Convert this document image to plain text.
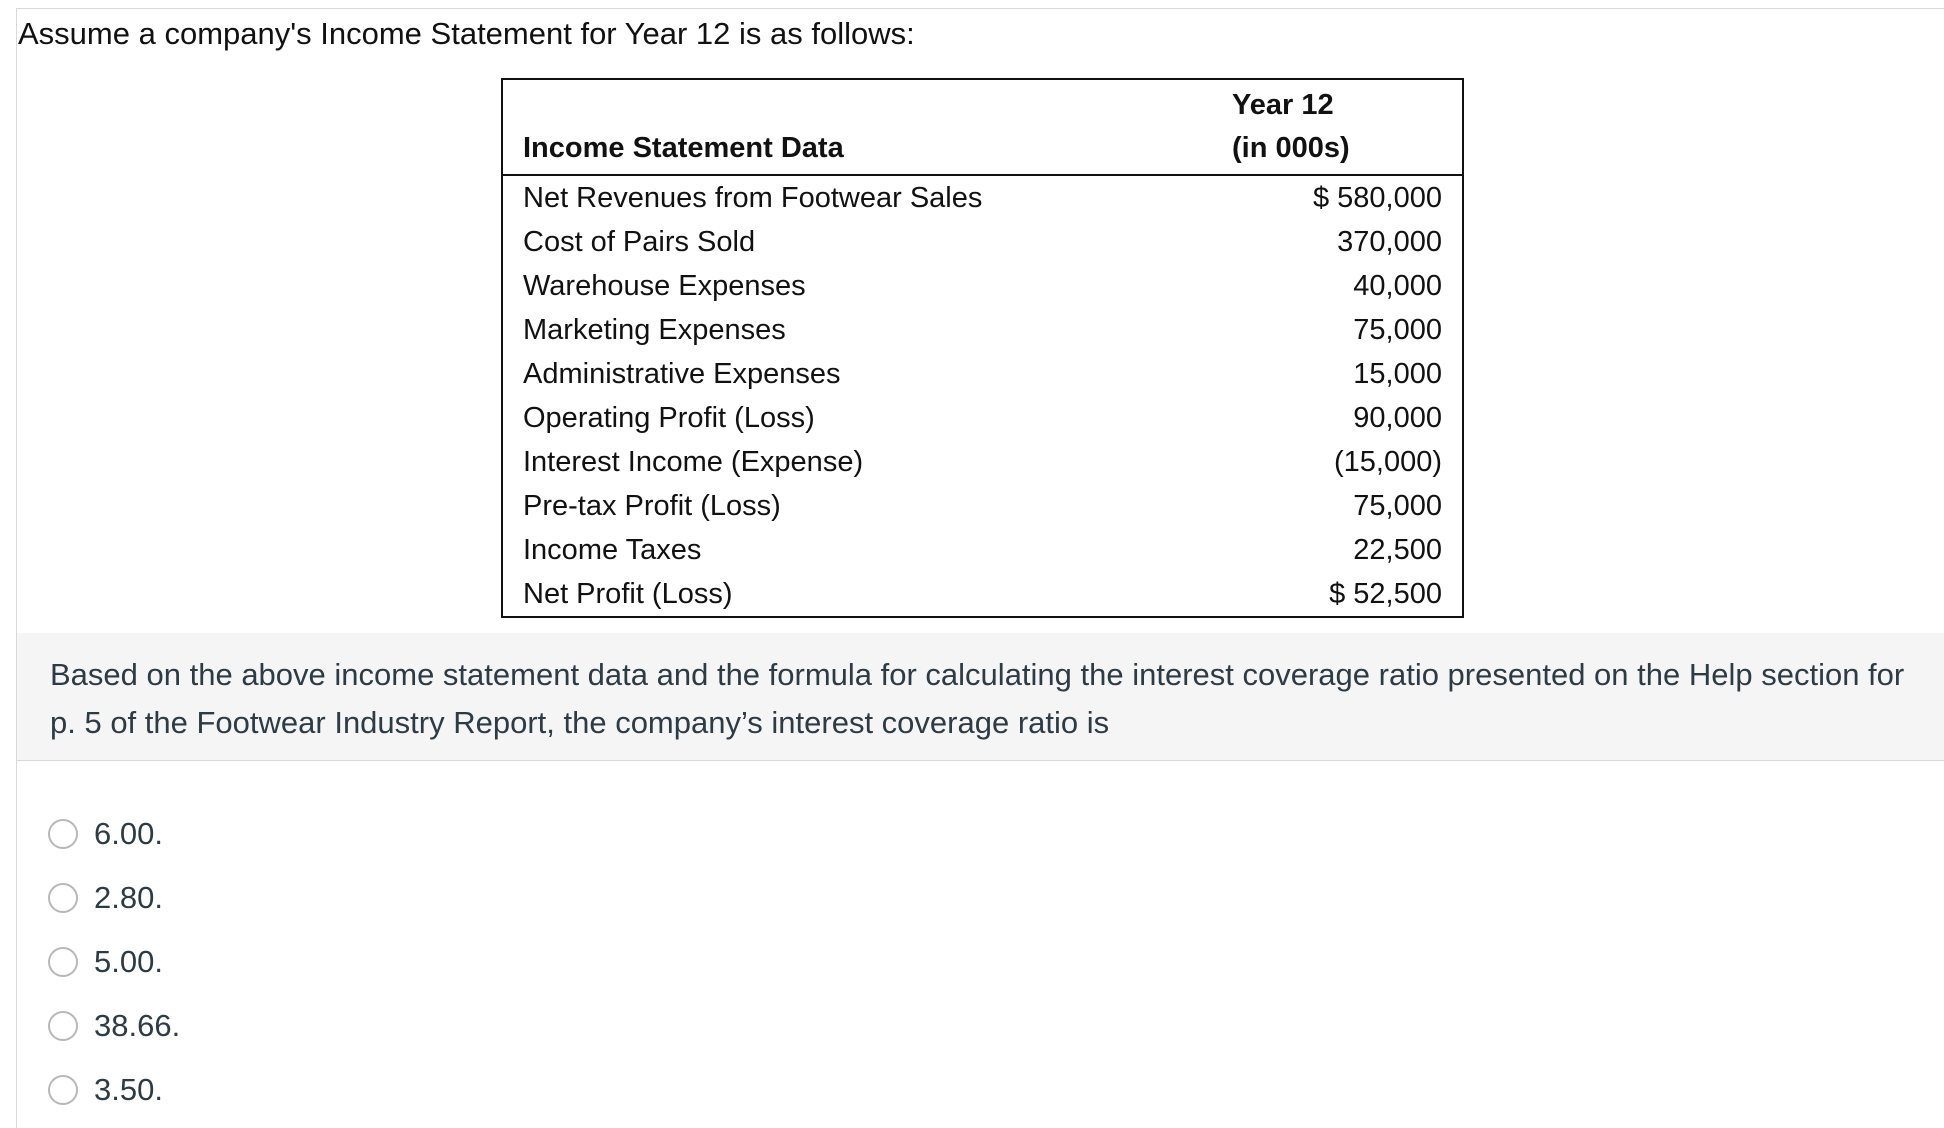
Assume a company's Income Statement for Year 12 is as follows:
Income Statement Data	Year 12
(in 000s)
Net Revenues from Footwear Sales	$ 580,000
Cost of Pairs Sold	370,000
Warehouse Expenses	40,000
Marketing Expenses	75,000
Administrative Expenses	15,000
Operating Profit (Loss)	90,000
Interest Income (Expense)	(15,000)
Pre-tax Profit (Loss)	75,000
Income Taxes	22,500
Net Profit (Loss)	$ 52,500
Based on the above income statement data and the formula for calculating the interest coverage ratio presented on the Help section for p. 5 of the Footwear Industry Report, the company’s interest coverage ratio is
6.00.
2.80.
5.00.
38.66.
3.50.
